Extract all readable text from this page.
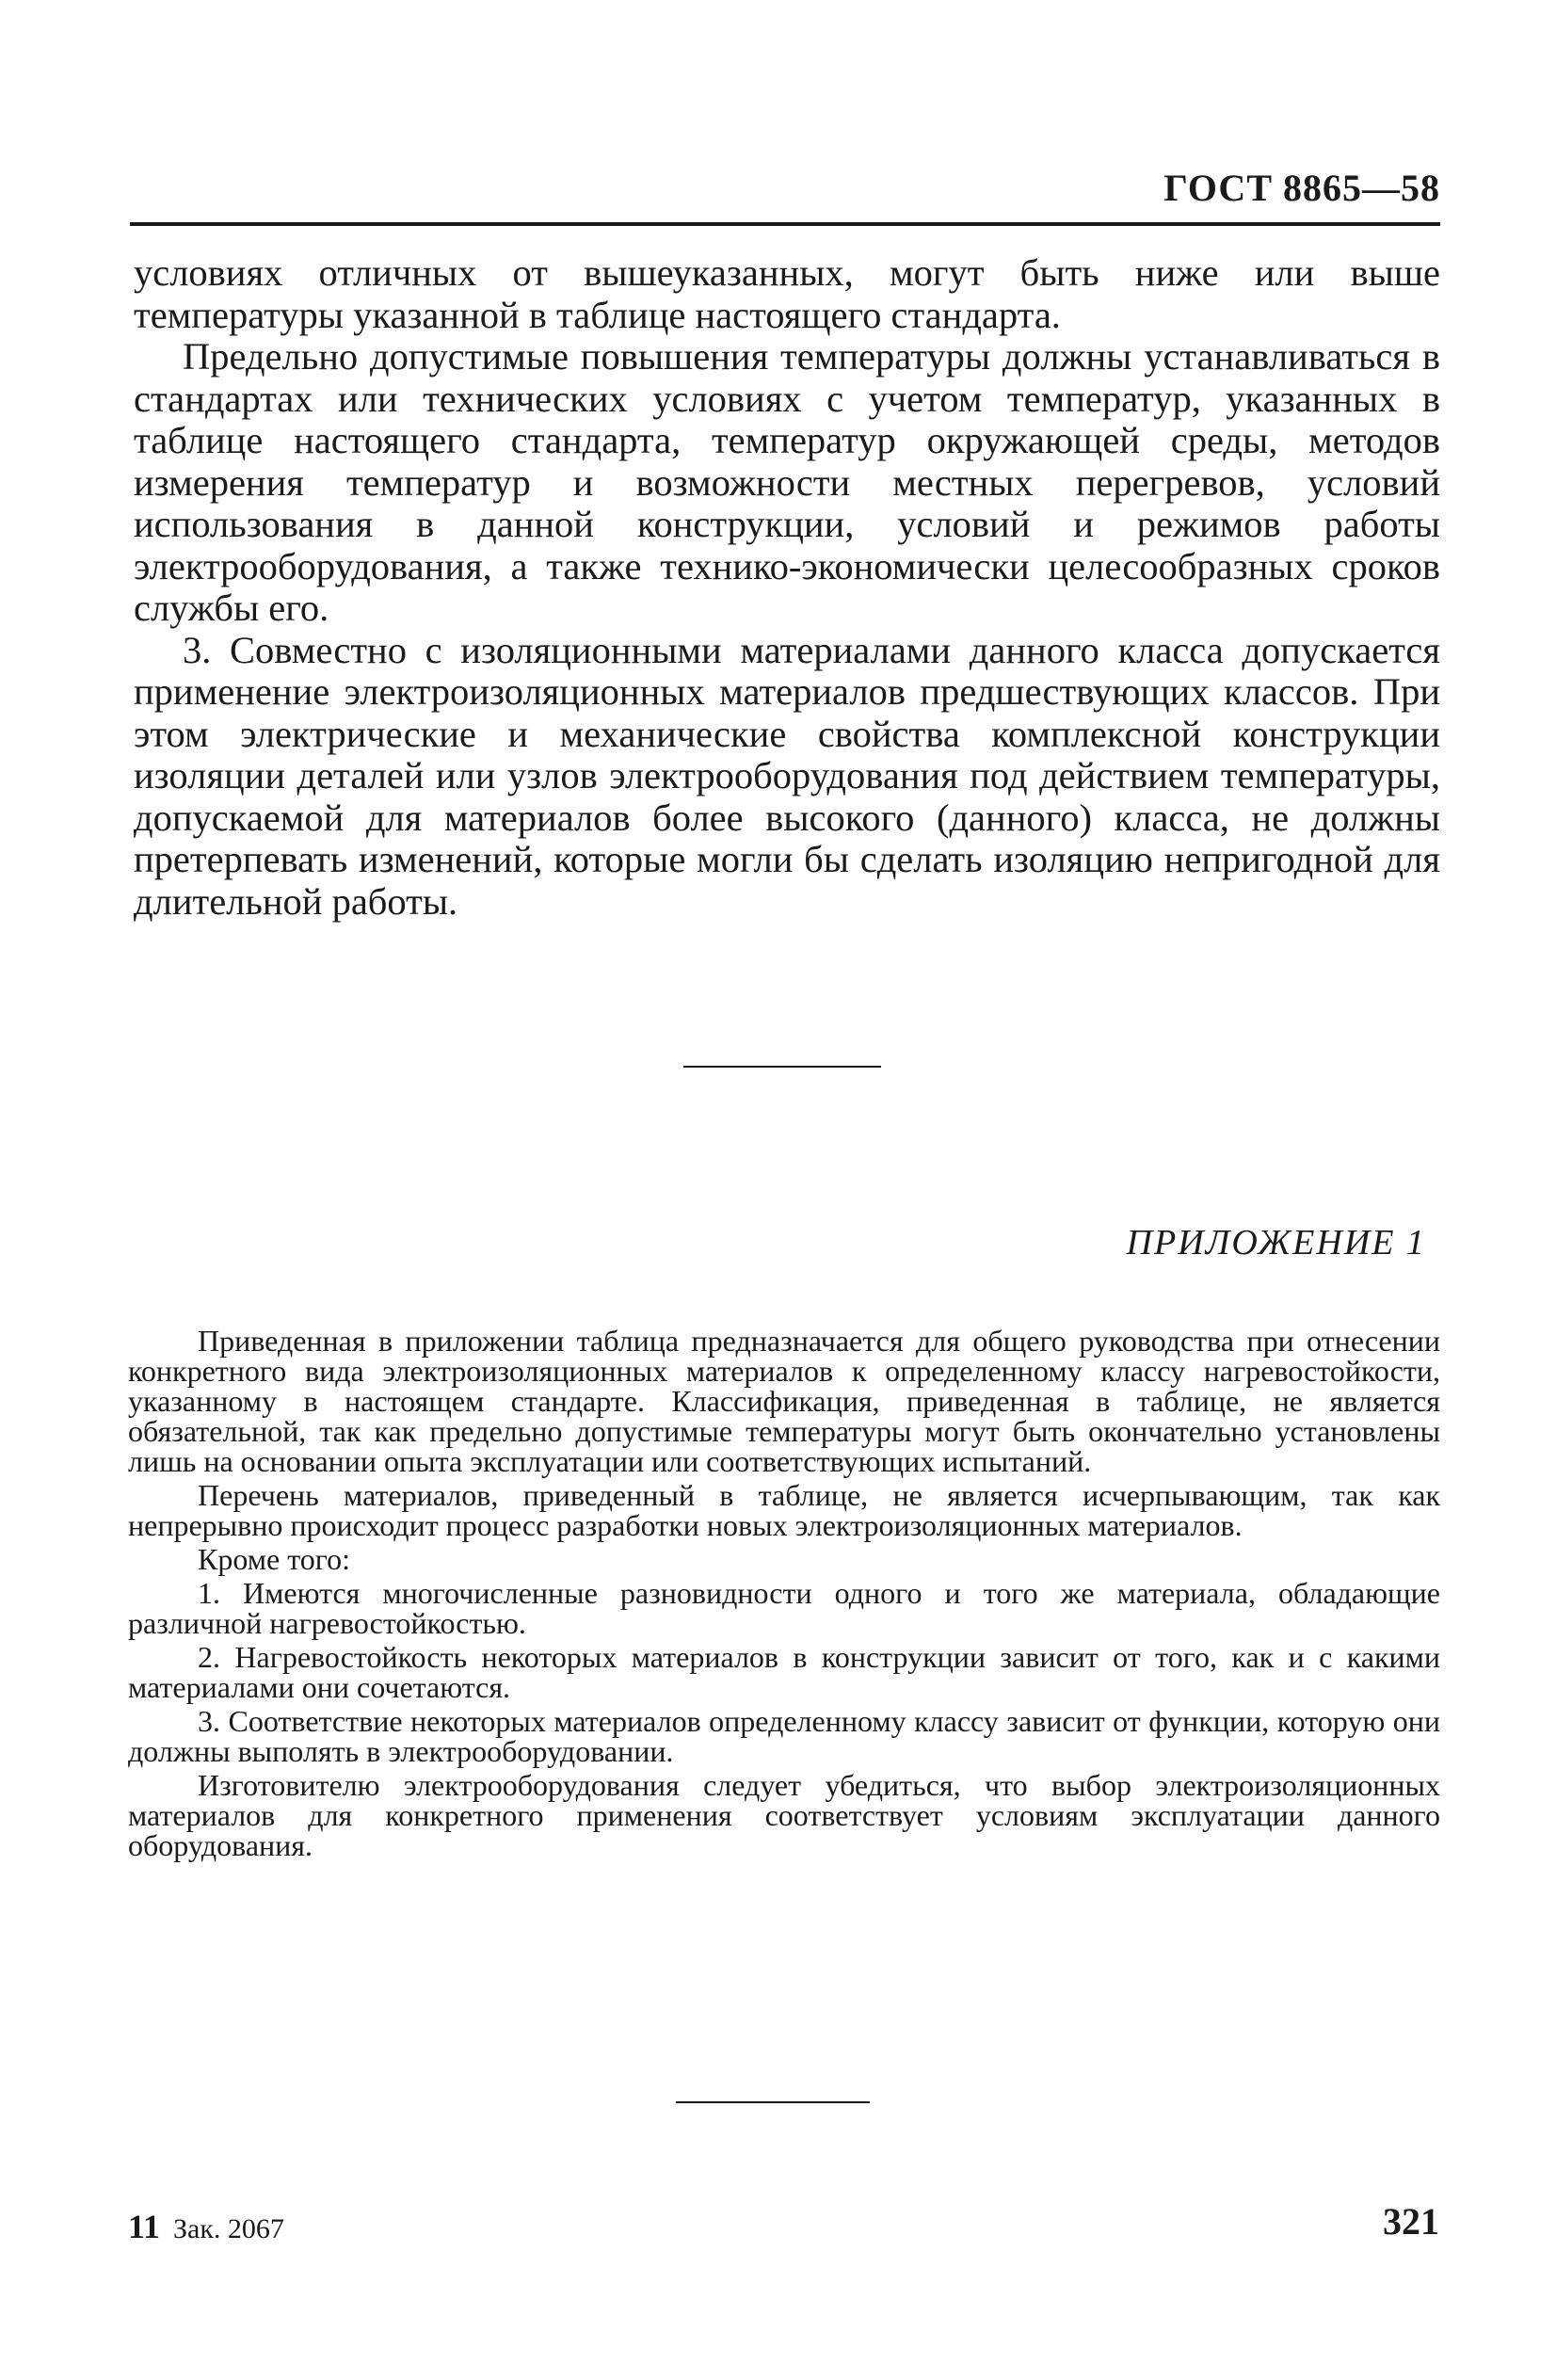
ГОСТ 8865—58

условиях отличных от вышеуказанных, могут быть ниже или выше температуры указанной в таблице настоящего стандарта.

Предельно допустимые повышения температуры должны устанавливаться в стандартах или технических условиях с учетом температур, указанных в таблице настоящего стандарта, температур окружающей среды, методов измерения температур и возможности местных перегревов, условий использования в данной конструкции, условий и режимов работы электрооборудования, а также технико-экономически целесообразных сроков службы его.

3. Совместно с изоляционными материалами данного класса допускается применение электроизоляционных материалов предшествующих классов. При этом электрические и механические свойства комплексной конструкции изоляции деталей или узлов электрооборудования под действием температуры, допускаемой для материалов более высокого (данного) класса, не должны претерпевать изменений, которые могли бы сделать изоляцию непригодной для длительной работы.

ПРИЛОЖЕНИЕ 1

Приведенная в приложении таблица предназначается для общего руководства при отнесении конкретного вида электроизоляционных материалов к определенному классу нагревостойкости, указанному в настоящем стандарте. Классификация, приведенная в таблице, не является обязательной, так как предельно допустимые температуры могут быть окончательно установлены лишь на основании опыта эксплуатации или соответствующих испытаний.

Перечень материалов, приведенный в таблице, не является исчерпывающим, так как непрерывно происходит процесс разработки новых электроизоляционных материалов.

Кроме того:

1. Имеются многочисленные разновидности одного и того же материала, обладающие различной нагревостойкостью.

2. Нагревостойкость некоторых материалов в конструкции зависит от того, как и с какими материалами они сочетаются.

3. Соответствие некоторых материалов определенному классу зависит от функции, которую они должны выполять в электрооборудовании.

Изготовителю электрооборудования следует убедиться, что выбор электроизоляционных материалов для конкретного применения соответствует условиям эксплуатации данного оборудования.

11 Зак. 2067	321
